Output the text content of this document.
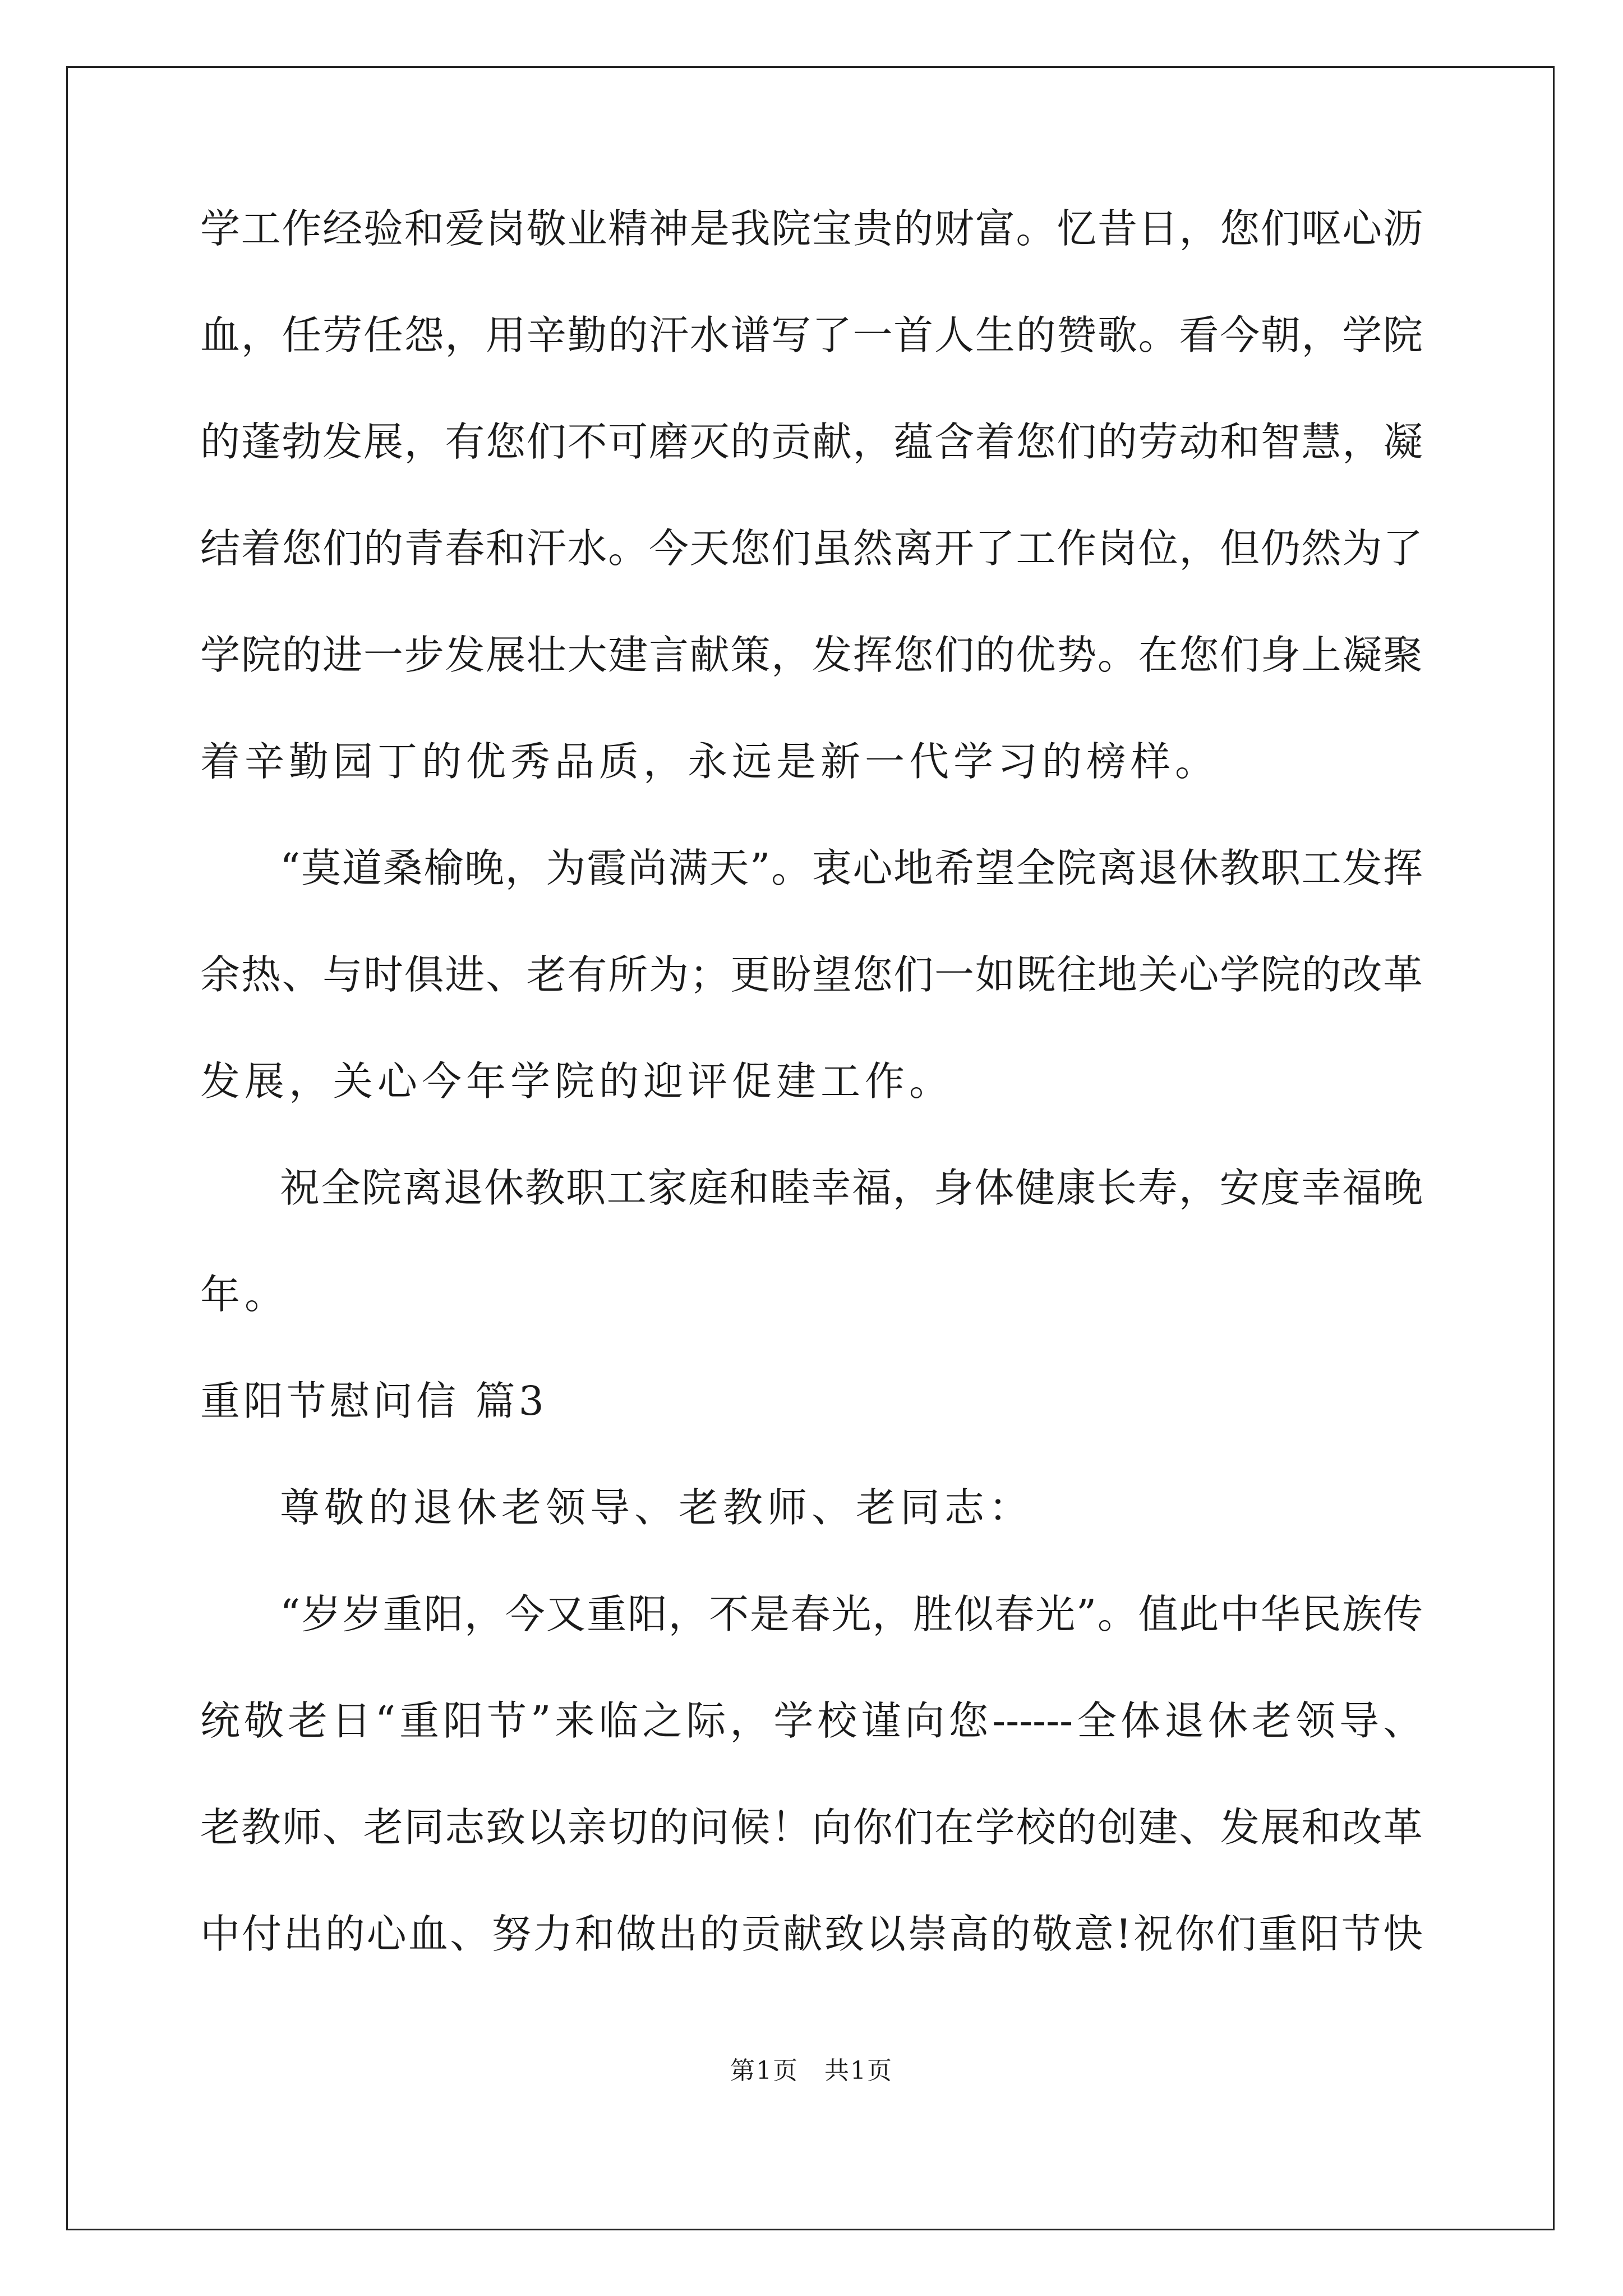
学工作经验和爱岗敬业精神是我院宝贵的财富。忆昔日，您们呕心沥
血，任劳任怨，用辛勤的汗水谱写了一首人生的赞歌。看今朝，学院
的蓬勃发展，有您们不可磨灭的贡献，蕴含着您们的劳动和智慧，凝
结着您们的青春和汗水。今天您们虽然离开了工作岗位，但仍然为了
学院的进一步发展壮大建言献策，发挥您们的优势。在您们身上凝聚
着辛勤园丁的优秀品质，永远是新一代学习的榜样。
“莫道桑榆晚，为霞尚满天”。衷心地希望全院离退休教职工发挥
余热、与时俱进、老有所为；更盼望您们一如既往地关心学院的改革
发展，关心今年学院的迎评促建工作。
祝全院离退休教职工家庭和睦幸福，身体健康长寿，安度幸福晚
年。
重阳节慰问信 篇3
尊敬的退休老领导、老教师、老同志：
“岁岁重阳，今又重阳，不是春光，胜似春光”。值此中华民族传
统敬老日“重阳节”来临之际，学校谨向您------全体退休老领导、
老教师、老同志致以亲切的问候！向你们在学校的创建、发展和改革
中付出的心血、努力和做出的贡献致以崇高的敬意!祝你们重阳节快
第1页　共1页
